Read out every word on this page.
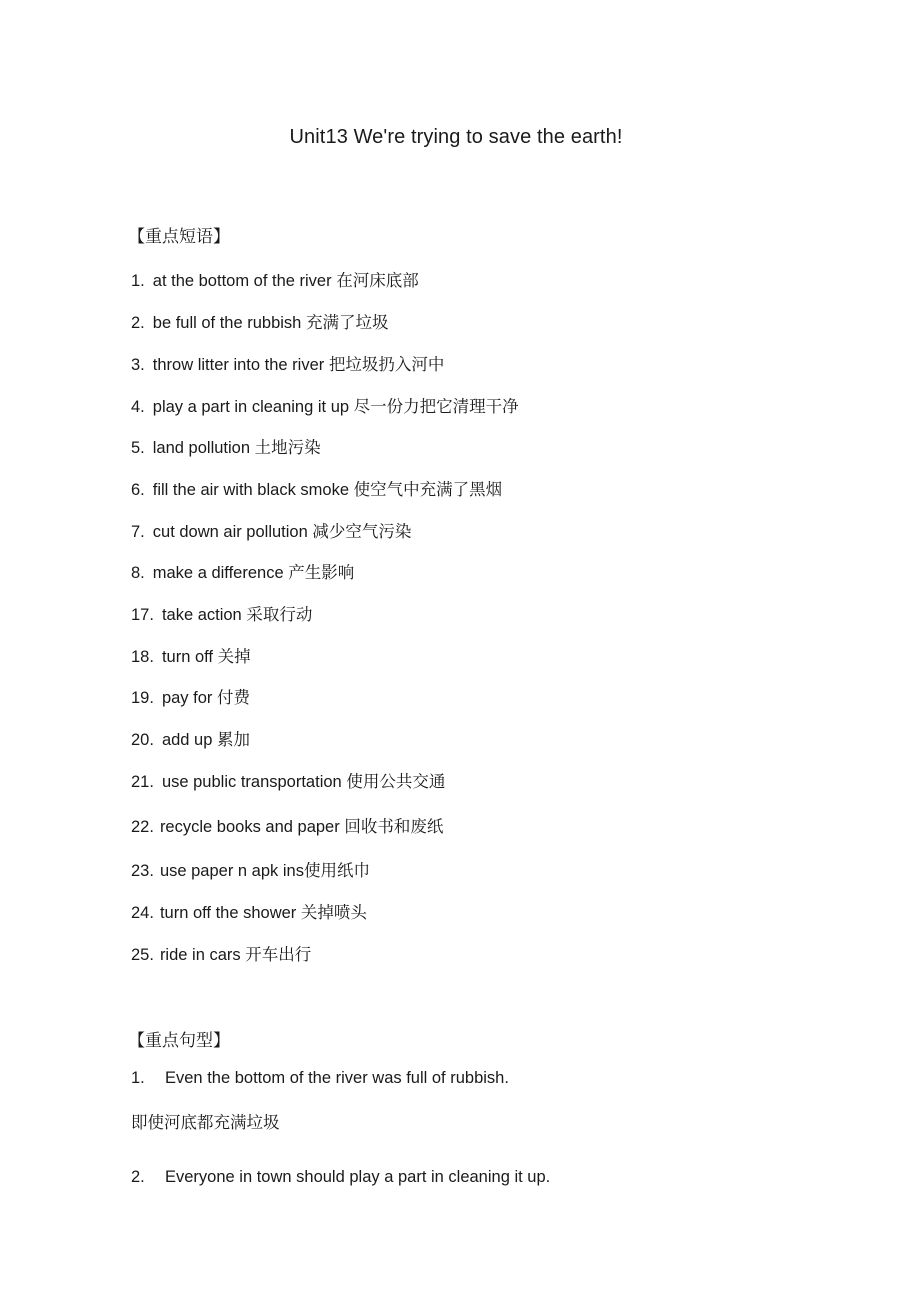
Unit13 We're trying to save the earth!
【重点短语】
1. at the bottom of the river 在河床底部
2. be full of the rubbish 充满了垃圾
3. throw litter into the river 把垃圾扔入河中
4. play a part in cleaning it up 尽一份力把它清理干净
5. land pollution 土地污染
6. fill the air with black smoke 使空气中充满了黑烟
7. cut down air pollution 减少空气污染
8. make a difference 产生影响
17. take action 采取行动
18. turn off 关掉
19. pay for 付费
20. add up 累加
21. use public transportation 使用公共交通
22. recycle books and paper 回收书和废纸
23. use paper n apk ins使用纸巾
24. turn off the shower 关掉喷头
25. ride in cars 开车出行
【重点句型】
1. Even the bottom of the river was full of rubbish.
即使河底都充满垃圾
2. Everyone in town should play a part in cleaning it up.
